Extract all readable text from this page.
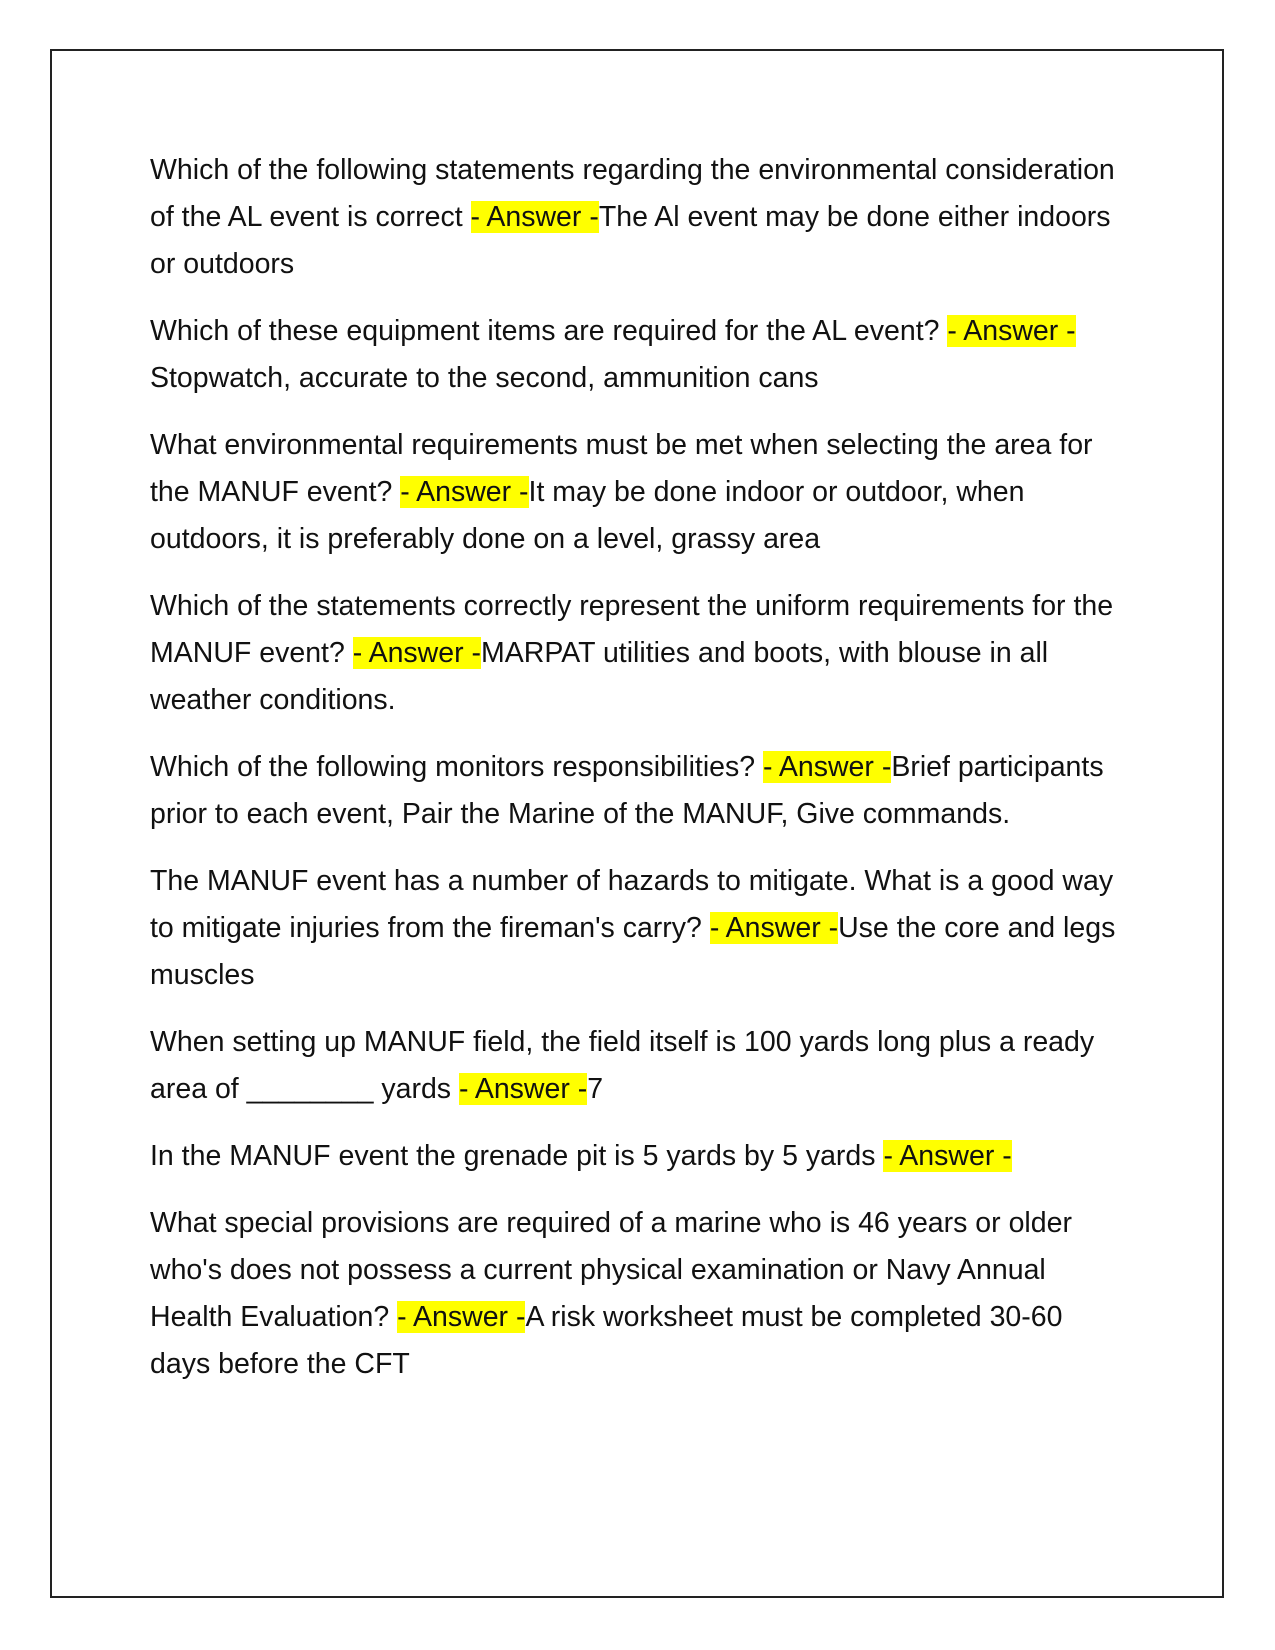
Which of the following statements regarding the environmental consideration of the AL event is correct - Answer -The Al event may be done either indoors or outdoors

Which of these equipment items are required for the AL event? - Answer -Stopwatch, accurate to the second, ammunition cans

What environmental requirements must be met when selecting the area for the MANUF event? - Answer -It may be done indoor or outdoor, when outdoors, it is preferably done on a level, grassy area

Which of the statements correctly represent the uniform requirements for the MANUF event? - Answer -MARPAT utilities and boots, with blouse in all weather conditions.

Which of the following monitors responsibilities? - Answer -Brief participants prior to each event, Pair the Marine of the MANUF, Give commands.

The MANUF event has a number of hazards to mitigate. What is a good way to mitigate injuries from the fireman's carry? - Answer -Use the core and legs muscles

When setting up MANUF field, the field itself is 100 yards long plus a ready area of ________ yards - Answer -7

In the MANUF event the grenade pit is 5 yards by 5 yards - Answer -

What special provisions are required of a marine who is 46 years or older who's does not possess a current physical examination or Navy Annual Health Evaluation? - Answer -A risk worksheet must be completed 30-60 days before the CFT
